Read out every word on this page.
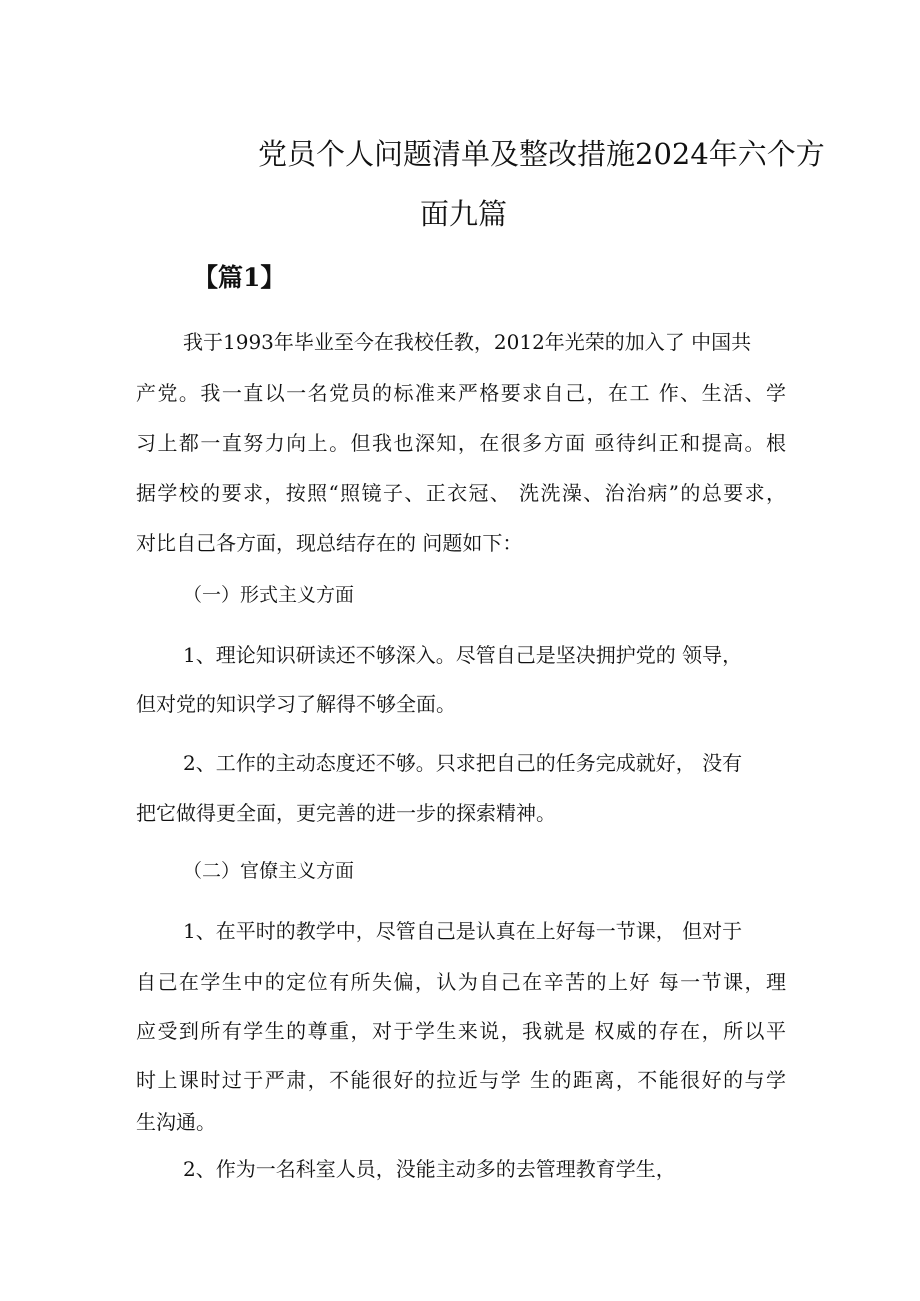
党员个人问题清单及整改措施2024年六个方
面九篇
【篇1】
我于1993年毕业至今在我校任教，2012年光荣的加入了 中国共
产党。我一直以一名党员的标准来严格要求自己，在工 作、生活、学
习上都一直努力向上。但我也深知，在很多方面 亟待纠正和提高。根
据学校的要求，按照“照镜子、正衣冠、 洗洗澡、治治病”的总要求，
对比自己各方面，现总结存在的 问题如下：
（一）形式主义方面
1、理论知识研读还不够深入。尽管自己是坚决拥护党的 领导，
但对党的知识学习了解得不够全面。
2、工作的主动态度还不够。只求把自己的任务完成就好， 没有
把它做得更全面，更完善的进一步的探索精神。
（二）官僚主义方面
1、在平时的教学中，尽管自己是认真在上好每一节课， 但对于
自己在学生中的定位有所失偏，认为自己在辛苦的上好 每一节课，理
应受到所有学生的尊重，对于学生来说，我就是 权威的存在，所以平
时上课时过于严肃，不能很好的拉近与学 生的距离，不能很好的与学
生沟通。
2、作为一名科室人员，没能主动多的去管理教育学生，
